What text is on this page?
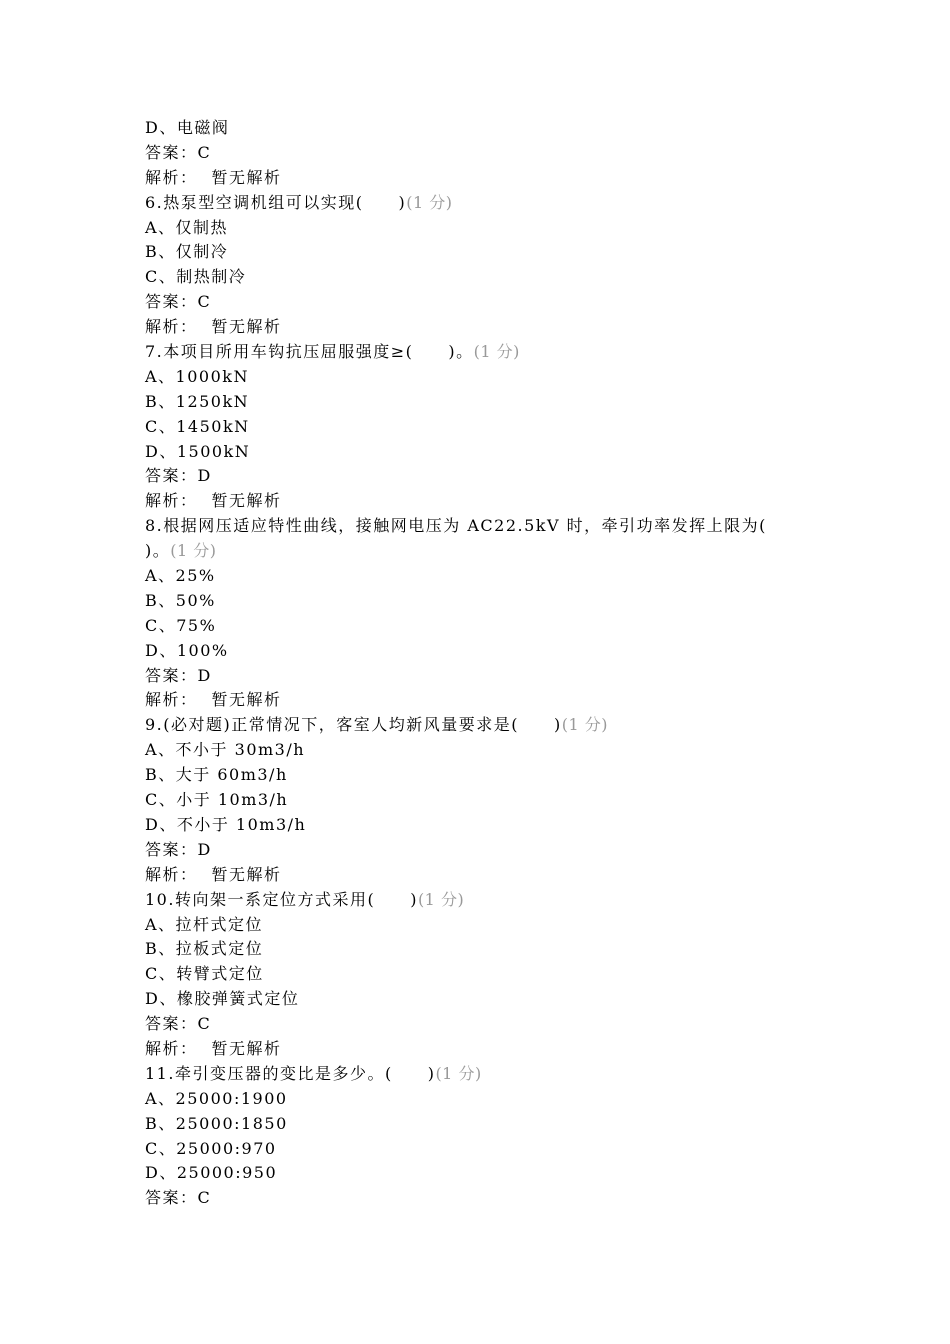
D、电磁阀
答案：C
解析： 暂无解析
6.热泵型空调机组可以实现(　　)(1 分)
A、仅制热
B、仅制冷
C、制热制冷
答案：C
解析： 暂无解析
7.本项目所用车钩抗压屈服强度≥(　　)。(1 分)
A、1000kN
B、1250kN
C、1450kN
D、1500kN
答案：D
解析： 暂无解析
8.根据网压适应特性曲线，接触网电压为 AC22.5kV 时，牵引功率发挥上限为(
)。(1 分)
A、25%
B、50%
C、75%
D、100%
答案：D
解析： 暂无解析
9.(必对题)正常情况下，客室人均新风量要求是(　　)(1 分)
A、不小于 30m3/h
B、大于 60m3/h
C、小于 10m3/h
D、不小于 10m3/h
答案：D
解析： 暂无解析
10.转向架一系定位方式采用(　　)(1 分)
A、拉杆式定位
B、拉板式定位
C、转臂式定位
D、橡胶弹簧式定位
答案：C
解析： 暂无解析
11.牵引变压器的变比是多少。(　　)(1 分)
A、25000:1900
B、25000:1850
C、25000:970
D、25000:950
答案：C
